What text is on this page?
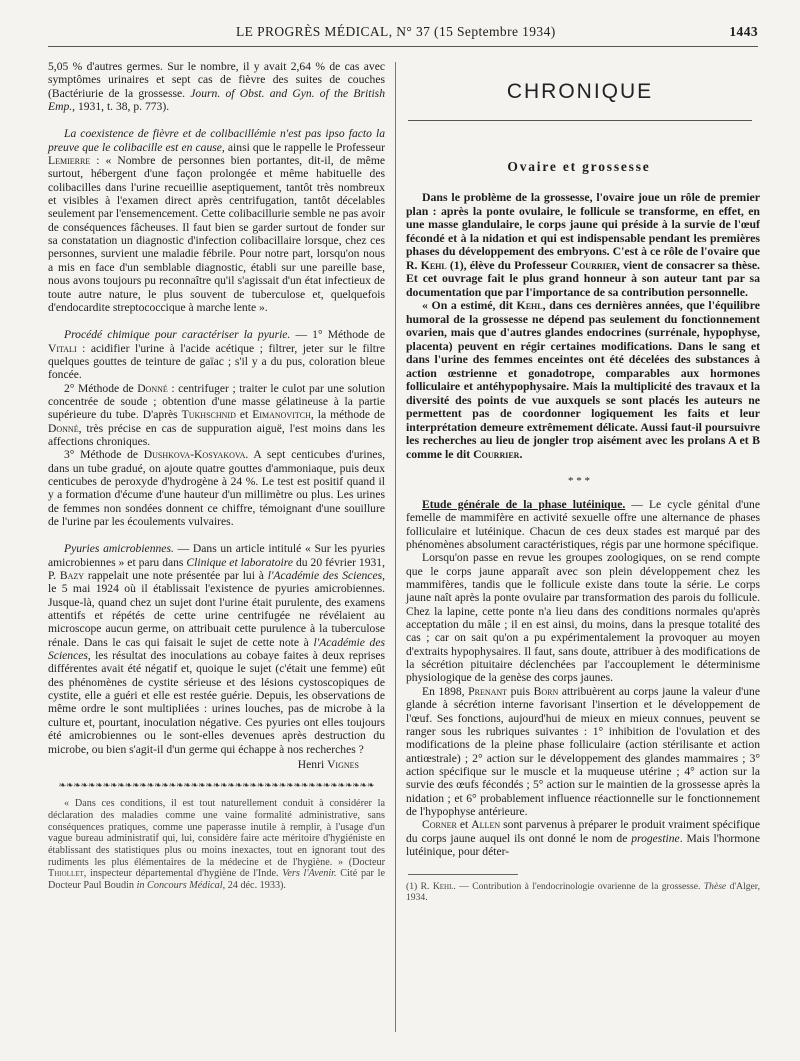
LE PROGRÈS MÉDICAL, N° 37 (15 Septembre 1934)	1443

5,05 % d'autres germes. Sur le nombre, il y avait 2,64 % de cas avec symptômes urinaires et sept cas de fièvre des suites de couches (Bactériurie de la grossesse. Journ. of Obst. and Gyn. of the British Emp., 1931, t. 38, p. 773).

La coexistence de fièvre et de colibacillémie n'est pas ipso facto la preuve que le colibacille est en cause, ainsi que le rappelle le Professeur Lemierre : « Nombre de personnes bien portantes, dit-il, de même surtout, hébergent d'une façon prolongée et même habituelle des colibacilles dans l'urine recueillie aseptiquement, tantôt très nombreux et visibles à l'examen direct après centrifugation, tantôt décelables seulement par l'ensemencement. Cette colibacillurie semble ne pas avoir de conséquences fâcheuses. Il faut bien se garder surtout de fonder sur sa constatation un diagnostic d'infection colibacillaire lorsque, chez ces personnes, survient une maladie fébrile. Pour notre part, lorsqu'on nous a mis en face d'un semblable diagnostic, établi sur une pareille base, nous avons toujours pu reconnaître qu'il s'agissait d'un état infectieux de toute autre nature, le plus souvent de tuberculose et, quelquefois d'endocardite streptococcique à marche lente ».

Procédé chimique pour caractériser la pyurie. — 1° Méthode de Vitali : acidifier l'urine à l'acide acétique ; filtrer, jeter sur le filtre quelques gouttes de teinture de gaïac ; s'il y a du pus, coloration bleue foncée.

2° Méthode de Donné : centrifuger ; traiter le culot par une solution concentrée de soude ; obtention d'une masse gélatineuse à la partie supérieure du tube. D'après Tukhschnid et Eimanovitch, la méthode de Donné, très précise en cas de suppuration aiguë, l'est moins dans les affections chroniques.

3° Méthode de Dushkova-Kosyakova. A sept centicubes d'urines, dans un tube gradué, on ajoute quatre gouttes d'ammoniaque, puis deux centicubes de peroxyde d'hydrogène à 24 %. Le test est positif quand il y a formation d'écume d'une hauteur d'un millimètre ou plus. Les urines de femmes non sondées donnent ce chiffre, témoignant d'une souillure de l'urine par les écoulements vulvaires.

Pyuries amicrobiennes. — Dans un article intitulé « Sur les pyuries amicrobiennes » et paru dans Clinique et laboratoire du 20 février 1931, P. Bazy rappelait une note présentée par lui à l'Académie des Sciences, le 5 mai 1924 où il établissait l'existence de pyuries amicrobiennes. Jusque-là, quand chez un sujet dont l'urine était purulente, des examens attentifs et répétés de cette urine centrifugée ne révélaient au microscope aucun germe, on attribuait cette purulence à la tuberculose rénale. Dans le cas qui faisait le sujet de cette note à l'Académie des Sciences, les résultat des inoculations au cobaye faites à deux reprises différentes avait été négatif et, quoique le sujet (c'était une femme) eût des phénomènes de cystite sérieuse et des lésions cystoscopiques de cystite, elle a guéri et elle est restée guérie. Depuis, les observations de même ordre le sont multipliées : urines louches, pas de microbe à la culture et, pourtant, inoculation négative. Ces pyuries ont elles toujours été amicrobiennes ou le sont-elles devenues après destruction du microbe, ou bien s'agit-il d'un germe qui échappe à nos recherches ?

Henri Vignes

❧❧❧❧❧❧❧❧❧❧❧❧❧❧❧❧❧❧❧❧❧❧❧❧❧❧❧❧❧❧❧❧❧❧❧❧❧❧❧❧❧❧❧

« Dans ces conditions, il est tout naturellement conduit à considérer la déclaration des maladies comme une vaine formalité administrative, sans conséquences pratiques, comme une paperasse inutile à remplir, à l'usage d'un vague bureau administratif qui, lui, considère faire acte méritoire d'hygiéniste en établissant des statistiques plus ou moins inexactes, tout en ignorant tout des rudiments les plus élémentaires de la médecine et de l'hygiène. » (Docteur Thiollet, inspecteur départemental d'hygiène de l'Inde. Vers l'Avenir. Cité par le Docteur Paul Boudin in Concours Médical, 24 déc. 1933).

CHRONIQUE
Ovaire et grossesse

Dans le problème de la grossesse, l'ovaire joue un rôle de premier plan : après la ponte ovulaire, le follicule se transforme, en effet, en une masse glandulaire, le corps jaune qui préside à la survie de l'œuf fécondé et à la nidation et qui est indispensable pendant les premières phases du développement des embryons. C'est à ce rôle de l'ovaire que R. Kehl (1), élève du Professeur Courrier, vient de consacrer sa thèse. Et cet ouvrage fait le plus grand honneur à son auteur tant par sa documentation que par l'importance de sa contribution personnelle.

« On a estimé, dit Kehl, dans ces dernières années, que l'équilibre humoral de la grossesse ne dépend pas seulement du fonctionnement ovarien, mais que d'autres glandes endocrines (surrénale, hypophyse, placenta) peuvent en régir certaines modifications. Dans le sang et dans l'urine des femmes enceintes ont été décelées des substances à action œstrienne et gonadotrope, comparables aux hormones folliculaire et antéhypophysaire. Mais la multiplicité des travaux et la diversité des points de vue auxquels se sont placés les auteurs ne permettent pas de coordonner logiquement les faits et leur interprétation demeure extrêmement délicate. Aussi faut-il poursuivre les recherches au lieu de jongler trop aisément avec les prolans A et B comme le dit Courrier.

* * *

Etude générale de la phase lutéinique. — Le cycle génital d'une femelle de mammifère en activité sexuelle offre une alternance de phases folliculaire et lutéinique. Chacun de ces deux stades est marqué par des phénomènes absolument caractéristiques, régis par une hormone spécifique.

Lorsqu'on passe en revue les groupes zoologiques, on se rend compte que le corps jaune apparaît avec son plein développement chez les mammifères, tandis que le follicule existe dans toute la série. Le corps jaune naît après la ponte ovulaire par transformation des parois du follicule. Chez la lapine, cette ponte n'a lieu dans des conditions normales qu'après acceptation du mâle ; il en est ainsi, du moins, dans la presque totalité des cas ; car on sait qu'on a pu expérimentalement la provoquer au moyen d'extraits hypophysaires. Il faut, sans doute, attribuer à des modifications de la sécrétion pituitaire déclenchées par l'accouplement le déterminisme physiologique de la genèse des corps jaunes.

En 1898, Prenant puis Born attribuèrent au corps jaune la valeur d'une glande à sécrétion interne favorisant l'insertion et le développement de l'œuf. Ses fonctions, aujourd'hui de mieux en mieux connues, peuvent se ranger sous les rubriques suivantes : 1° inhibition de l'ovulation et des modifications de la pleine phase folliculaire (action stérilisante et action antiœstrale) ; 2° action sur le développement des glandes mammaires ; 3° action spécifique sur le muscle et la muqueuse utérine ; 4° action sur la survie des œufs fécondés ; 5° action sur le maintien de la grossesse après la nidation ; et 6° probablement influence réactionnelle sur le fonctionnement de l'hypophyse antérieure.

Corner et Allen sont parvenus à préparer le produit vraiment spécifique du corps jaune auquel ils ont donné le nom de progestine. Mais l'hormone lutéinique, pour déter-

(1) R. Kehl. — Contribution à l'endocrinologie ovarienne de la grossesse. Thèse d'Alger, 1934.
